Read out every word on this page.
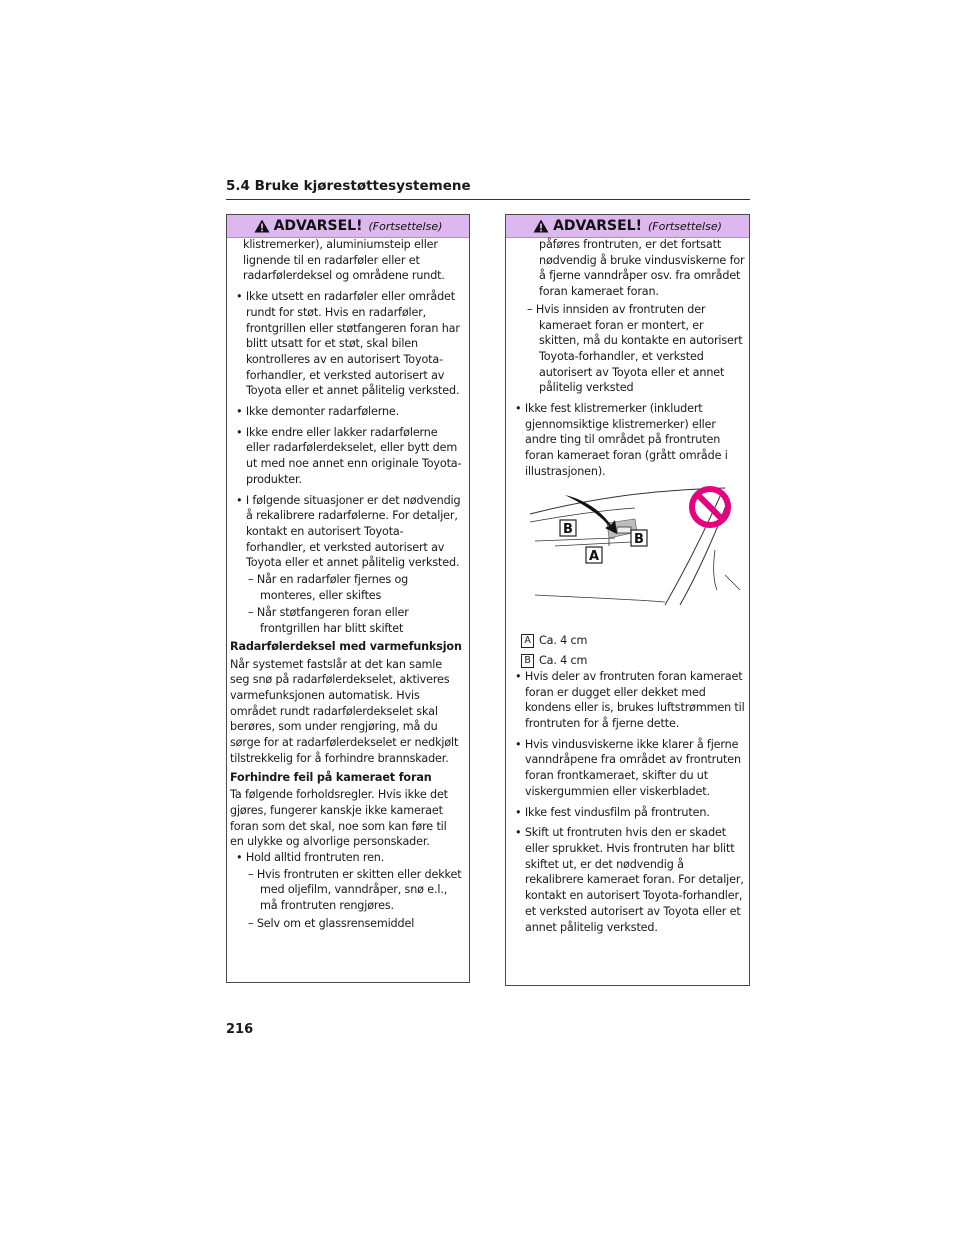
5.4 Bruke kjørestøttesystemene
ADVARSEL! (Fortsettelse)

klistremerker), aluminiumsteip eller lignende til en radarføler eller et radarfølerdeksel og områdene rundt.

• Ikke utsett en radarføler eller området rundt for støt. Hvis en radarføler, frontgrillen eller støtfangeren foran har blitt utsatt for et støt, skal bilen kontrolleres av en autorisert Toyota-forhandler, et verksted autorisert av Toyota eller et annet pålitelig verksted.

• Ikke demonter radarfølerne.

• Ikke endre eller lakker radarfølerne eller radarfølerdekselet, eller bytt dem ut med noe annet enn originale Toyota-produkter.

• I følgende situasjoner er det nødvendig å rekalibrere radarfølerne. For detaljer, kontakt en autorisert Toyota-forhandler, et verksted autorisert av Toyota eller et annet pålitelig verksted.

– Når en radarføler fjernes og monteres, eller skiftes

– Når støtfangeren foran eller frontgrillen har blitt skiftet

Radarfølerdeksel med varmefunksjon

Når systemet fastslår at det kan samle seg snø på radarfølerdekselet, aktiveres varmefunksjonen automatisk. Hvis området rundt radarfølerdekselet skal berøres, som under rengjøring, må du sørge for at radarfølerdekselet er nedkjølt tilstrekkelig for å forhindre brannskader.

Forhindre feil på kameraet foran

Ta følgende forholdsregler. Hvis ikke det gjøres, fungerer kanskje ikke kameraet foran som det skal, noe som kan føre til en ulykke og alvorlige personskader.

• Hold alltid frontruten ren.

– Hvis frontruten er skitten eller dekket med oljefilm, vanndråper, snø e.l., må frontruten rengjøres.

– Selv om et glassrensemiddel

ADVARSEL! (Fortsettelse)

påføres frontruten, er det fortsatt nødvendig å bruke vindusviskerne for å fjerne vanndråper osv. fra området foran kameraet foran.

– Hvis innsiden av frontruten der kameraet foran er montert, er skitten, må du kontakte en autorisert Toyota-forhandler, et verksted autorisert av Toyota eller et annet pålitelig verksted

• Ikke fest klistremerker (inkludert gjennomsiktige klistremerker) eller andre ting til området på frontruten foran kameraet foran (grått område i illustrasjonen).

A Ca. 4 cm

B Ca. 4 cm

• Hvis deler av frontruten foran kameraet foran er dugget eller dekket med kondens eller is, brukes luftstrømmen til frontruten for å fjerne dette.

• Hvis vindusviskerne ikke klarer å fjerne vanndråpene fra området av frontruten foran frontkameraet, skifter du ut viskergummien eller viskerbladet.

• Ikke fest vindusfilm på frontruten.

• Skift ut frontruten hvis den er skadet eller sprukket. Hvis frontruten har blitt skiftet ut, er det nødvendig å rekalibrere kameraet foran. For detaljer, kontakt en autorisert Toyota-forhandler, et verksted autorisert av Toyota eller et annet pålitelig verksted.

B
B
A
216
